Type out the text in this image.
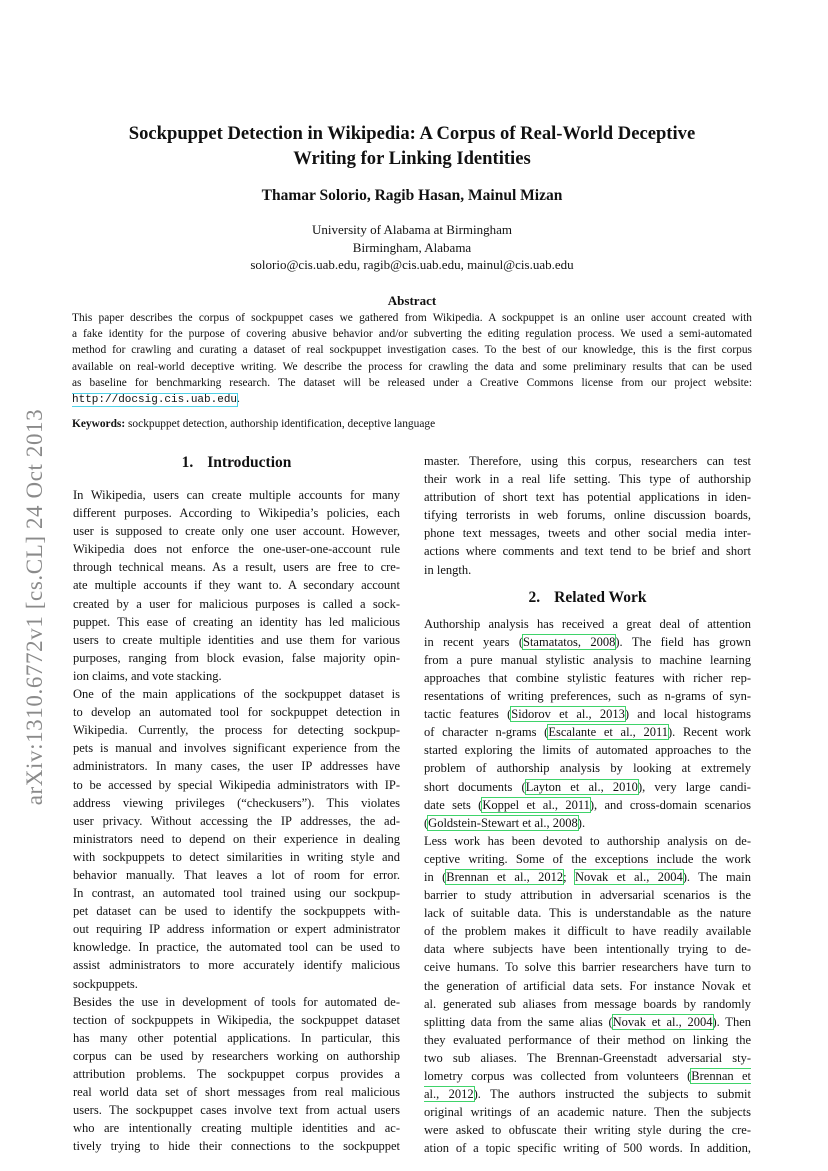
arXiv:1310.6772v1 [cs.CL] 24 Oct 2013
Sockpuppet Detection in Wikipedia: A Corpus of Real-World Deceptive
Writing for Linking Identities
Thamar Solorio, Ragib Hasan, Mainul Mizan
University of Alabama at Birmingham
Birmingham, Alabama
solorio@cis.uab.edu, ragib@cis.uab.edu, mainul@cis.uab.edu
Abstract
This paper describes the corpus of sockpuppet cases we gathered from Wikipedia. A sockpuppet is an online user account created with
a fake identity for the purpose of covering abusive behavior and/or subverting the editing regulation process. We used a semi-automated
method for crawling and curating a dataset of real sockpuppet investigation cases. To the best of our knowledge, this is the first corpus
available on real-world deceptive writing. We describe the process for crawling the data and some preliminary results that can be used
as baseline for benchmarking research. The dataset will be released under a Creative Commons license from our project website:
http://docsig.cis.uab.edu.
Keywords: sockpuppet detection, authorship identification, deceptive language
1. Introduction
In Wikipedia, users can create multiple accounts for many
different purposes. According to Wikipedia’s policies, each
user is supposed to create only one user account. However,
Wikipedia does not enforce the one-user-one-account rule
through technical means. As a result, users are free to cre-
ate multiple accounts if they want to. A secondary account
created by a user for malicious purposes is called a sock-
puppet. This ease of creating an identity has led malicious
users to create multiple identities and use them for various
purposes, ranging from block evasion, false majority opin-
ion claims, and vote stacking.
One of the main applications of the sockpuppet dataset is
to develop an automated tool for sockpuppet detection in
Wikipedia. Currently, the process for detecting sockpup-
pets is manual and involves significant experience from the
administrators. In many cases, the user IP addresses have
to be accessed by special Wikipedia administrators with IP-
address viewing privileges (“checkusers”). This violates
user privacy. Without accessing the IP addresses, the ad-
ministrators need to depend on their experience in dealing
with sockpuppets to detect similarities in writing style and
behavior manually. That leaves a lot of room for error.
In contrast, an automated tool trained using our sockpup-
pet dataset can be used to identify the sockpuppets with-
out requiring IP address information or expert administrator
knowledge. In practice, the automated tool can be used to
assist administrators to more accurately identify malicious
sockpuppets.
Besides the use in development of tools for automated de-
tection of sockpuppets in Wikipedia, the sockpuppet dataset
has many other potential applications. In particular, this
corpus can be used by researchers working on authorship
attribution problems. The sockpuppet corpus provides a
real world data set of short messages from real malicious
users. The sockpuppet cases involve text from actual users
who are intentionally creating multiple identities and ac-
tively trying to hide their connections to the sockpuppet
master. Therefore, using this corpus, researchers can test
their work in a real life setting. This type of authorship
attribution of short text has potential applications in iden-
tifying terrorists in web forums, online discussion boards,
phone text messages, tweets and other social media inter-
actions where comments and text tend to be brief and short
in length.
2. Related Work
Authorship analysis has received a great deal of attention
in recent years (Stamatatos, 2008). The field has grown
from a pure manual stylistic analysis to machine learning
approaches that combine stylistic features with richer rep-
resentations of writing preferences, such as n-grams of syn-
tactic features (Sidorov et al., 2013) and local histograms
of character n-grams (Escalante et al., 2011). Recent work
started exploring the limits of automated approaches to the
problem of authorship analysis by looking at extremely
short documents (Layton et al., 2010), very large candi-
date sets (Koppel et al., 2011), and cross-domain scenarios
(Goldstein-Stewart et al., 2008).
Less work has been devoted to authorship analysis on de-
ceptive writing. Some of the exceptions include the work
in (Brennan et al., 2012; Novak et al., 2004). The main
barrier to study attribution in adversarial scenarios is the
lack of suitable data. This is understandable as the nature
of the problem makes it difficult to have readily available
data where subjects have been intentionally trying to de-
ceive humans. To solve this barrier researchers have turn to
the generation of artificial data sets. For instance Novak et
al. generated sub aliases from message boards by randomly
splitting data from the same alias (Novak et al., 2004). Then
they evaluated performance of their method on linking the
two sub aliases. The Brennan-Greenstadt adversarial sty-
lometry corpus was collected from volunteers (Brennan et
al., 2012). The authors instructed the subjects to submit
original writings of an academic nature. Then the subjects
were asked to obfuscate their writing style during the cre-
ation of a topic specific writing of 500 words. In addition,
